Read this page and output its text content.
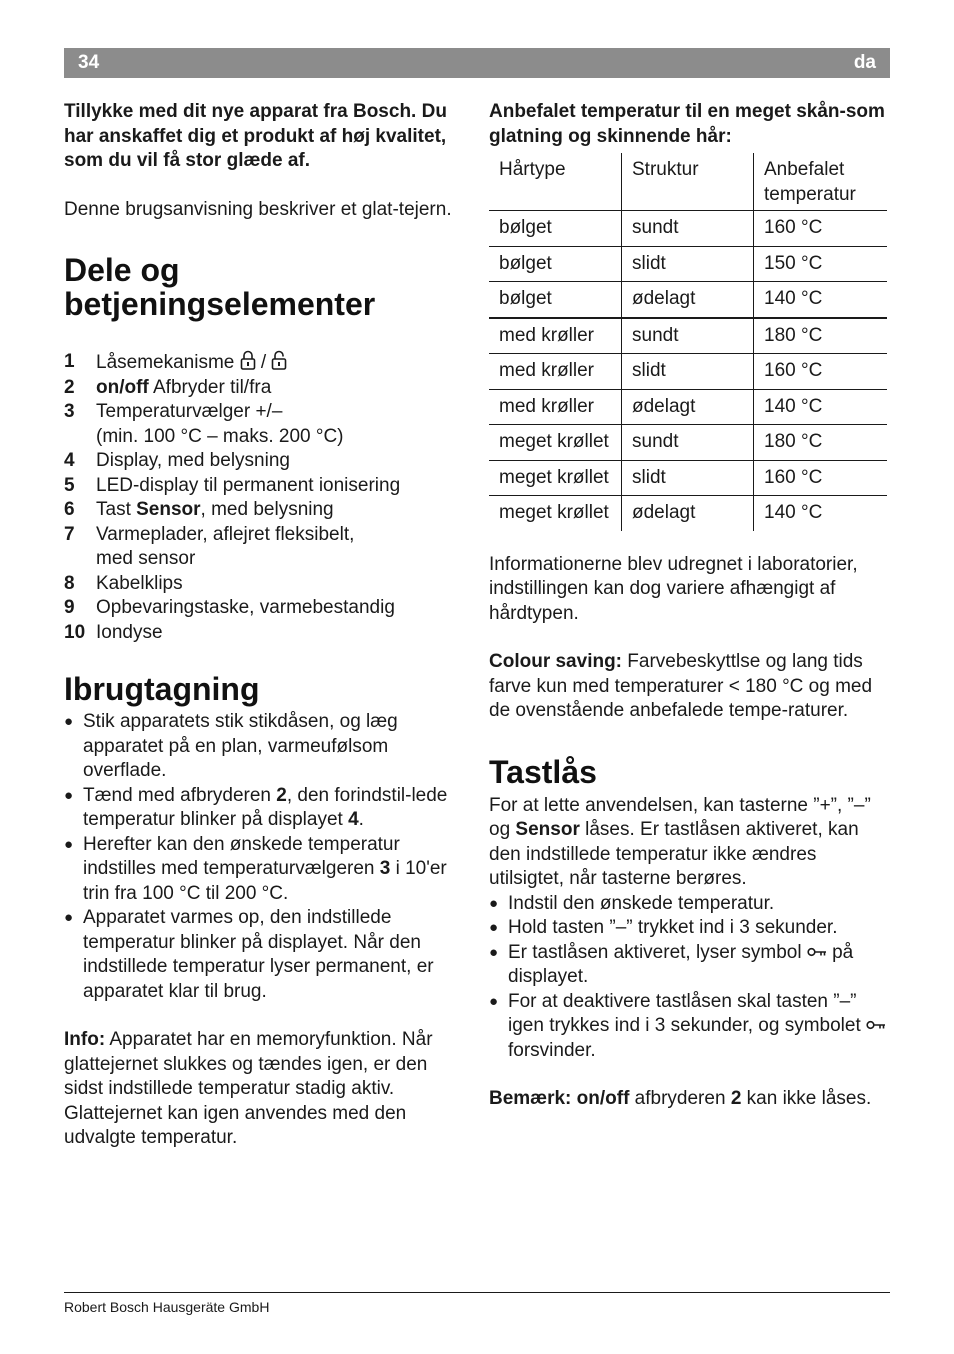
34	da

Tillykke med dit nye apparat fra Bosch. Du har anskaffet dig et produkt af høj kvalitet, som du vil få stor glæde af.

Denne brugsanvisning beskriver et glat-tejern.

Dele og
betjeningselementer
1 Låsemekanisme  /
2 on/off Afbryder til/fra
3 Temperaturvælger +/–
(min. 100 °C – maks. 200 °C)
4 Display, med belysning
5 LED-display til permanent ionisering
6 Tast Sensor, med belysning
7 Varmeplader, aflejret fleksibelt,
med sensor
8 Kabelklips
9 Opbevaringstaske, varmebestandig
10 Iondyse
Ibrugtagning
● Stik apparatets stik stikdåsen, og læg apparatet på en plan, varmeufølsom overflade.
● Tænd med afbryderen 2, den forindstil-lede temperatur blinker på displayet 4.
● Herefter kan den ønskede temperatur indstilles med temperaturvælgeren 3 i 10'er trin fra 100 °C til 200 °C.
● Apparatet varmes op, den indstillede temperatur blinker på displayet. Når den indstillede temperatur lyser permanent, er apparatet klar til brug.

Info: Apparatet har en memoryfunktion. Når glattejernet slukkes og tændes igen, er den sidst indstillede temperatur stadig aktiv. Glattejernet kan igen anvendes med den udvalgte temperatur.

Anbefalet temperatur til en meget skån-som glatning og skinnende hår:

Hårtype	Struktur	Anbefalet temperatur
bølget	sundt	160 °C
bølget	slidt	150 °C
bølget	ødelagt	140 °C
med krøller	sundt	180 °C
med krøller	slidt	160 °C
med krøller	ødelagt	140 °C
meget krøllet	sundt	180 °C
meget krøllet	slidt	160 °C
meget krøllet	ødelagt	140 °C

Informationerne blev udregnet i laboratorier, indstillingen kan dog variere afhængigt af hårdtypen.

Colour saving: Farvebeskyttlse og lang tids farve kun med temperaturer < 180 °C og med de ovenstående anbefalede tempe-raturer.

Tastlås

For at lette anvendelsen, kan tasterne ”+”, ”–” og Sensor låses. Er tastlåsen aktiveret, kan den indstillede temperatur ikke ændres utilsigtet, når tasterne berøres.

● Indstil den ønskede temperatur.
● Hold tasten ”–” trykket ind i 3 sekunder.
● Er tastlåsen aktiveret, lyser symbol  på displayet.
● For at deaktivere tastlåsen skal tasten ”–” igen trykkes ind i 3 sekunder, og symbolet  forsvinder.

Bemærk: on/off afbryderen 2 kan ikke låses.

Robert Bosch Hausgeräte GmbH
